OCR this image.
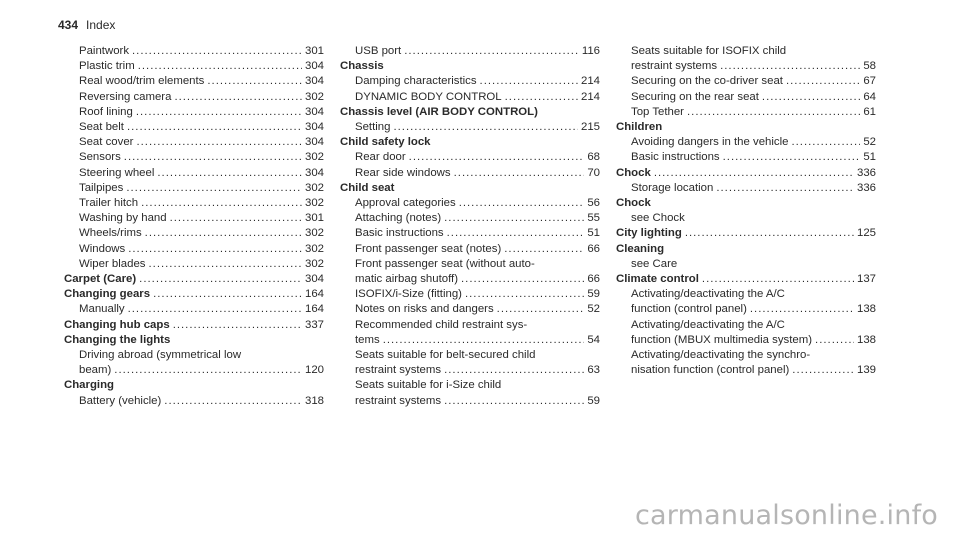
434 Index
Paintwork .....	301
Plastic trim .....	304
Real wood/trim elements .....	304
Reversing camera .....	302
Roof lining .....	304
Seat belt .....	304
Seat cover .....	304
Sensors .....	302
Steering wheel .....	304
Tailpipes .....	302
Trailer hitch .....	302
Washing by hand .....	301
Wheels/rims .....	302
Windows .....	302
Wiper blades .....	302
Carpet (Care) .....	304
Changing gears .....	164
Manually .....	164
Changing hub caps .....	337
Changing the lights
Driving abroad (symmetrical low
beam) .....	120
Charging
Battery (vehicle) .....	318
USB port .....	116
Chassis
Damping characteristics .....	214
DYNAMIC BODY CONTROL .....	214
Chassis level (AIR BODY CONTROL)
Setting .....	215
Child safety lock
Rear door .....	68
Rear side windows .....	70
Child seat
Approval categories .....	56
Attaching (notes) .....	55
Basic instructions .....	51
Front passenger seat (notes) .....	66
Front passenger seat (without auto-
matic airbag shutoff) .....	66
ISOFIX/i-Size (fitting) .....	59
Notes on risks and dangers .....	52
Recommended child restraint sys-
tems .....	54
Seats suitable for belt-secured child
restraint systems .....	63
Seats suitable for i-Size child
restraint systems .....	59
Seats suitable for ISOFIX child
restraint systems .....	58
Securing on the co-driver seat .....	67
Securing on the rear seat .....	64
Top Tether .....	61
Children
Avoiding dangers in the vehicle .....	52
Basic instructions .....	51
Chock .....	336
Storage location .....	336
Chock
see Chock
City lighting .....	125
Cleaning
see Care
Climate control .....	137
Activating/deactivating the A/C
function (control panel) .....	138
Activating/deactivating the A/C
function (MBUX multimedia system) .....	138
Activating/deactivating the synchro-
nisation function (control panel) .....	139
carmanualsonline.info
